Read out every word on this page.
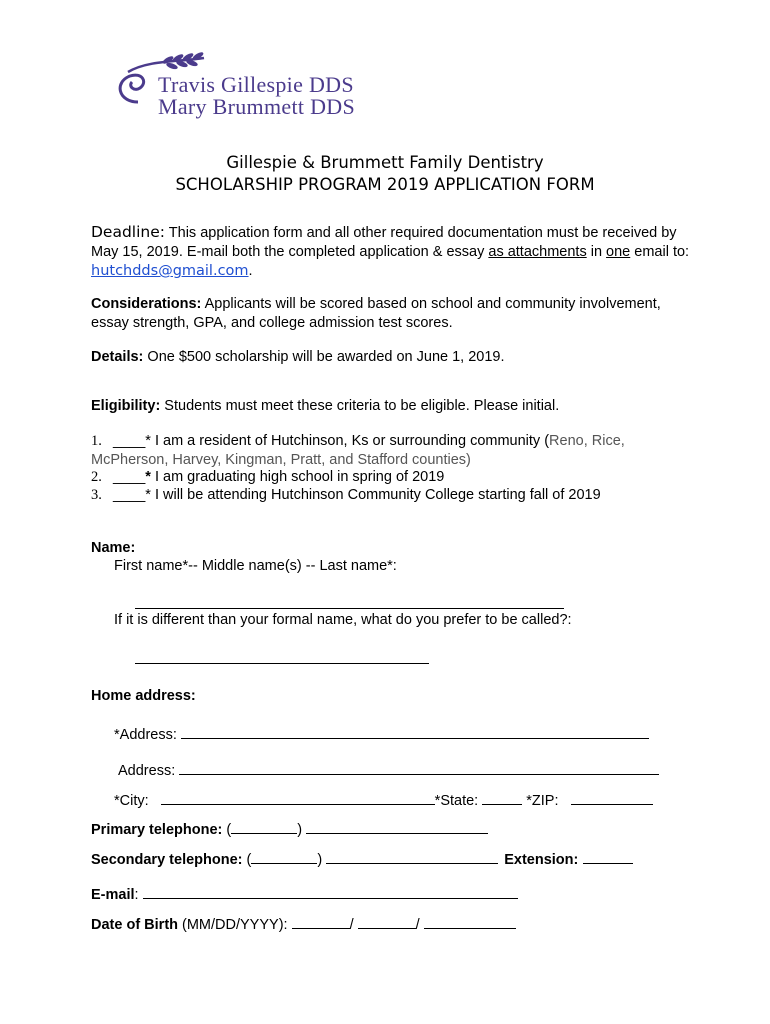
Travis Gillespie DDS
Mary Brummett DDS
Gillespie & Brummett Family Dentistry
SCHOLARSHIP PROGRAM 2019 APPLICATION FORM
Deadline: This application form and all other required documentation must be received by May 15, 2019. E-mail both the completed application & essay as attachments in one email to: hutchdds@gmail.com.
Considerations: Applicants will be scored based on school and community involvement, essay strength, GPA, and college admission test scores.
Details: One $500 scholarship will be awarded on June 1, 2019.
Eligibility: Students must meet these criteria to be eligible. Please initial.
1. ____* I am a resident of Hutchinson, Ks or surrounding community (Reno, Rice, McPherson, Harvey, Kingman, Pratt, and Stafford counties)
2. ____* I am graduating high school in spring of 2019
3. ____* I will be attending Hutchinson Community College starting fall of 2019
Name:
First name*-- Middle name(s) -- Last name*:
If it is different than your formal name, what do you prefer to be called?:
Home address:
*Address:
Address:
*City:	*State:	*ZIP:
Primary telephone: (	)
Secondary telephone: (	)	Extension:
E-mail:
Date of Birth (MM/DD/YYYY):	/	/
